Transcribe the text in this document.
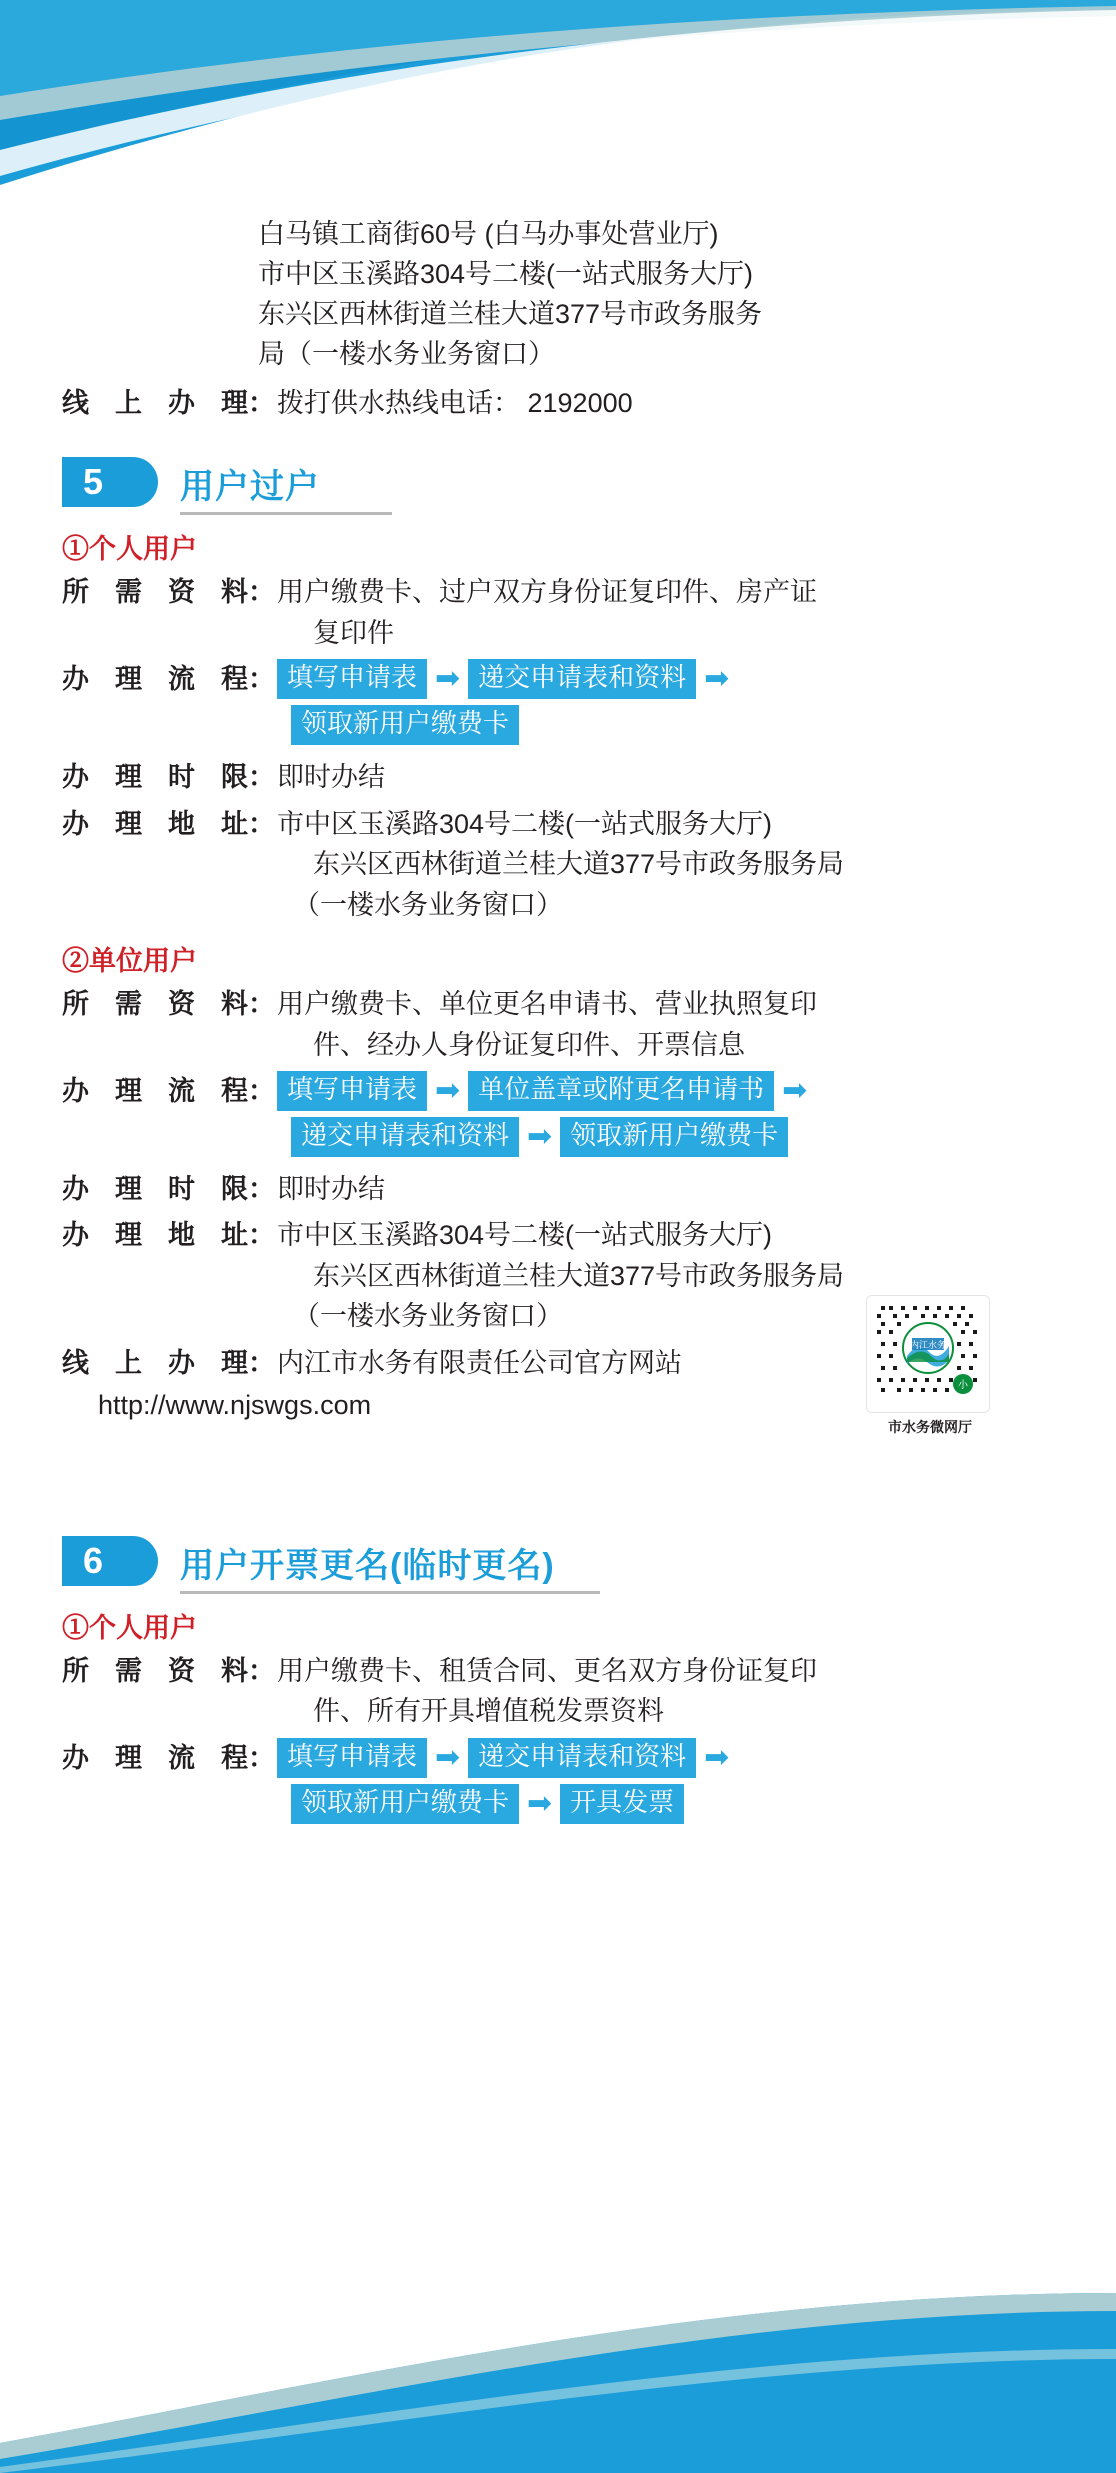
白马镇工商街60号 (白马办事处营业厅)
市中区玉溪路304号二楼(一站式服务大厅)
东兴区西林街道兰桂大道377号市政务服务
局（一楼水务业务窗口）
线上办理 ： 拨打供水热线电话： 2192000
5	用户过户
①个人用户
所需资料 ： 用户缴费卡、过户双方身份证复印件、房产证
复印件
办理流程 ： 填写申请表 ➡ 递交申请表和资料 ➡
领取新用户缴费卡
办理时限 ： 即时办结
办理地址 ： 市中区玉溪路304号二楼(一站式服务大厅)
东兴区西林街道兰桂大道377号市政务服务局
（一楼水务业务窗口）
②单位用户
所需资料 ： 用户缴费卡、单位更名申请书、营业执照复印
件、经办人身份证复印件、开票信息
办理流程 ： 填写申请表 ➡ 单位盖章或附更名申请书 ➡
递交申请表和资料 ➡ 领取新用户缴费卡
办理时限 ： 即时办结
办理地址 ： 市中区玉溪路304号二楼(一站式服务大厅)
东兴区西林街道兰桂大道377号市政务服务局
（一楼水务业务窗口）
线上办理 ： 内江市水务有限责任公司官方网站
http://www.njswgs.com
内江水务
小
市水务微网厅
6	用户开票更名(临时更名)
①个人用户
所需资料 ： 用户缴费卡、租赁合同、更名双方身份证复印
件、所有开具增值税发票资料
办理流程 ： 填写申请表 ➡ 递交申请表和资料 ➡
领取新用户缴费卡 ➡ 开具发票
